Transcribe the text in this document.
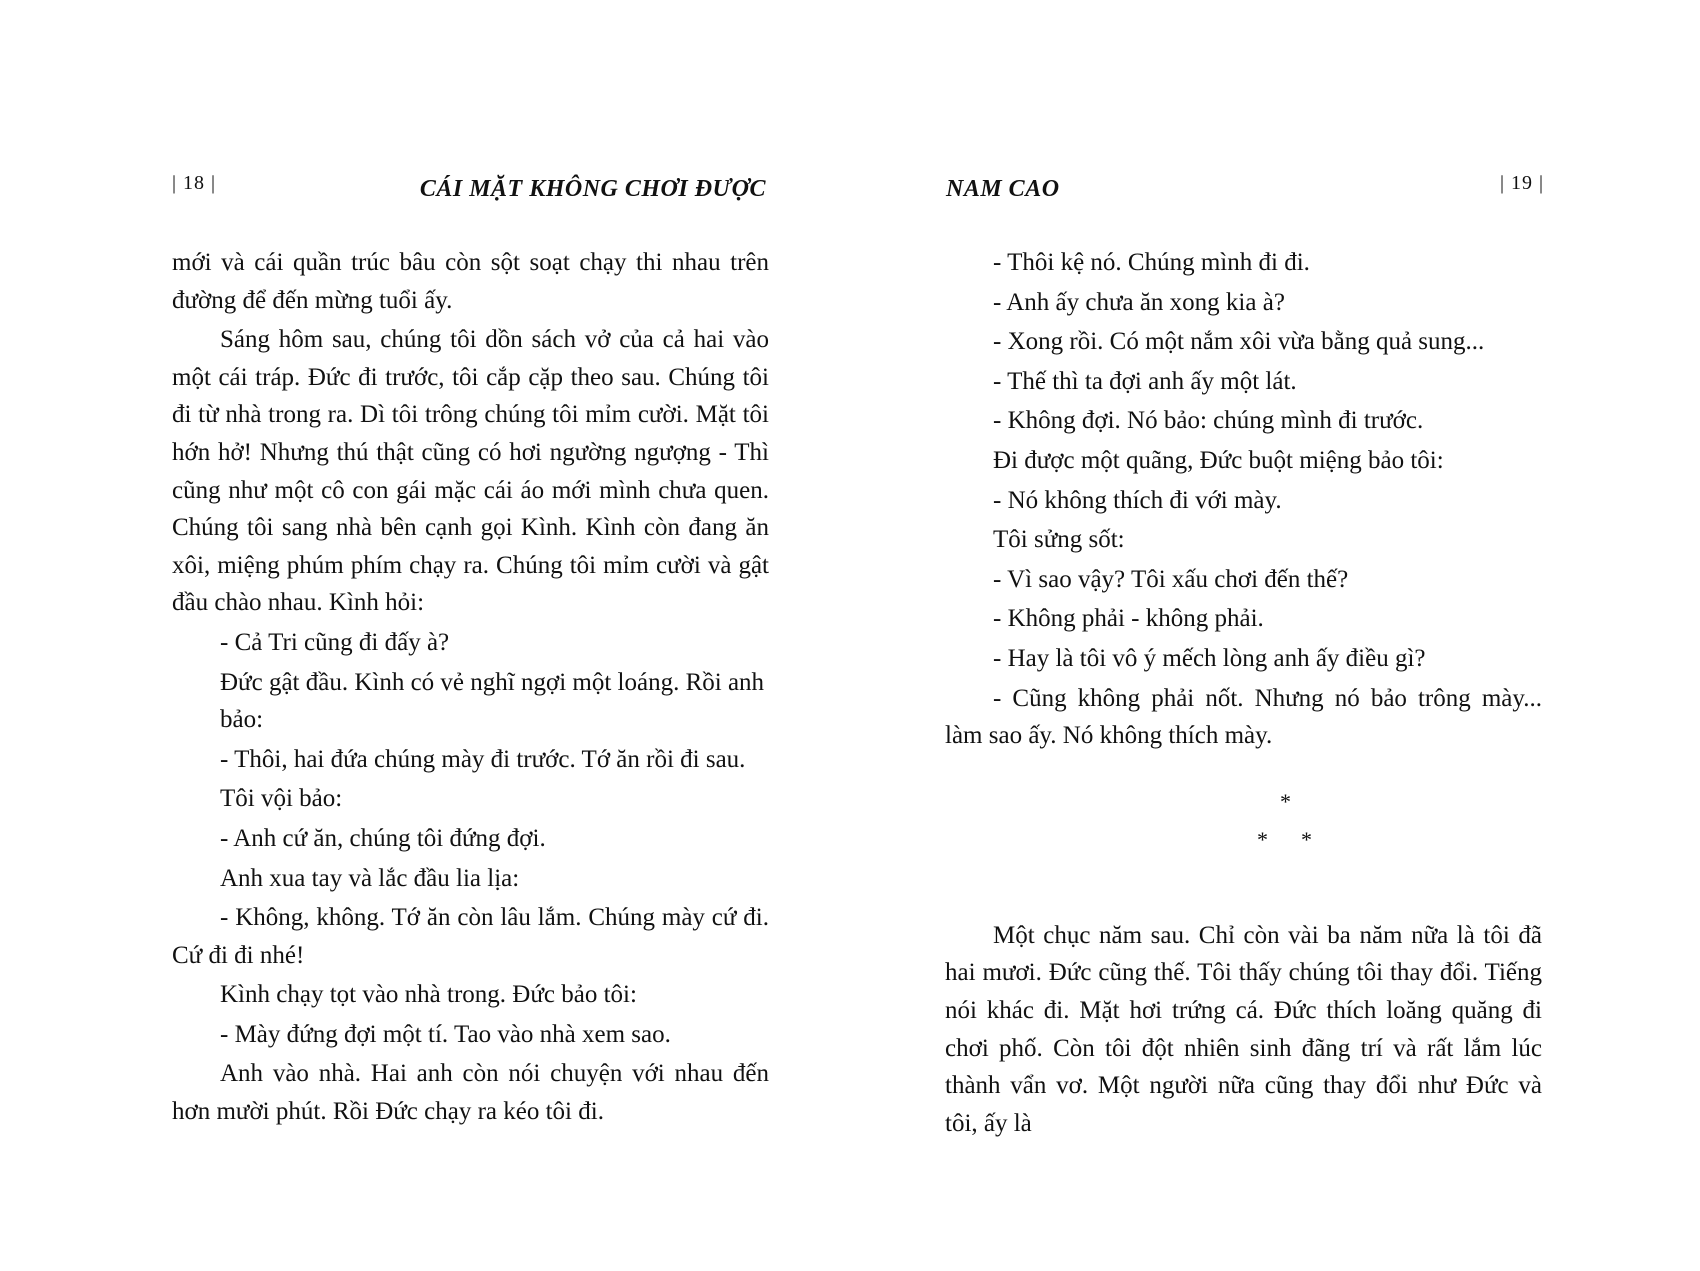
| 18 |	CÁI MẶT KHÔNG CHƠI ĐƯỢC

mới và cái quần trúc bâu còn sột soạt chạy thi nhau trên đường để đến mừng tuổi ấy.

Sáng hôm sau, chúng tôi dồn sách vở của cả hai vào một cái tráp. Đức đi trước, tôi cắp cặp theo sau. Chúng tôi đi từ nhà trong ra. Dì tôi trông chúng tôi mỉm cười. Mặt tôi hớn hở! Nhưng thú thật cũng có hơi ngường ngượng - Thì cũng như một cô con gái mặc cái áo mới mình chưa quen. Chúng tôi sang nhà bên cạnh gọi Kình. Kình còn đang ăn xôi, miệng phúm phím chạy ra. Chúng tôi mỉm cười và gật đầu chào nhau. Kình hỏi:

- Cả Tri cũng đi đấy à?

Đức gật đầu. Kình có vẻ nghĩ ngợi một loáng. Rồi anh bảo:

- Thôi, hai đứa chúng mày đi trước. Tớ ăn rồi đi sau.

Tôi vội bảo:

- Anh cứ ăn, chúng tôi đứng đợi.

Anh xua tay và lắc đầu lia lịa:

- Không, không. Tớ ăn còn lâu lắm. Chúng mày cứ đi. Cứ đi đi nhé!

Kình chạy tọt vào nhà trong. Đức bảo tôi:

- Mày đứng đợi một tí. Tao vào nhà xem sao.

Anh vào nhà. Hai anh còn nói chuyện với nhau đến hơn mười phút. Rồi Đức chạy ra kéo tôi đi.

NAM CAO	| 19 |

- Thôi kệ nó. Chúng mình đi đi.

- Anh ấy chưa ăn xong kia à?

- Xong rồi. Có một nắm xôi vừa bằng quả sung...

- Thế thì ta đợi anh ấy một lát.

- Không đợi. Nó bảo: chúng mình đi trước.

Đi được một quãng, Đức buột miệng bảo tôi:

- Nó không thích đi với mày.

Tôi sửng sốt:

- Vì sao vậy? Tôi xấu chơi đến thế?

- Không phải - không phải.

- Hay là tôi vô ý mếch lòng anh ấy điều gì?

- Cũng không phải nốt. Nhưng nó bảo trông mày... làm sao ấy. Nó không thích mày.

*
* *

Một chục năm sau. Chỉ còn vài ba năm nữa là tôi đã hai mươi. Đức cũng thế. Tôi thấy chúng tôi thay đổi. Tiếng nói khác đi. Mặt hơi trứng cá. Đức thích loăng quăng đi chơi phố. Còn tôi đột nhiên sinh đãng trí và rất lắm lúc thành vẩn vơ. Một người nữa cũng thay đổi như Đức và tôi, ấy là
